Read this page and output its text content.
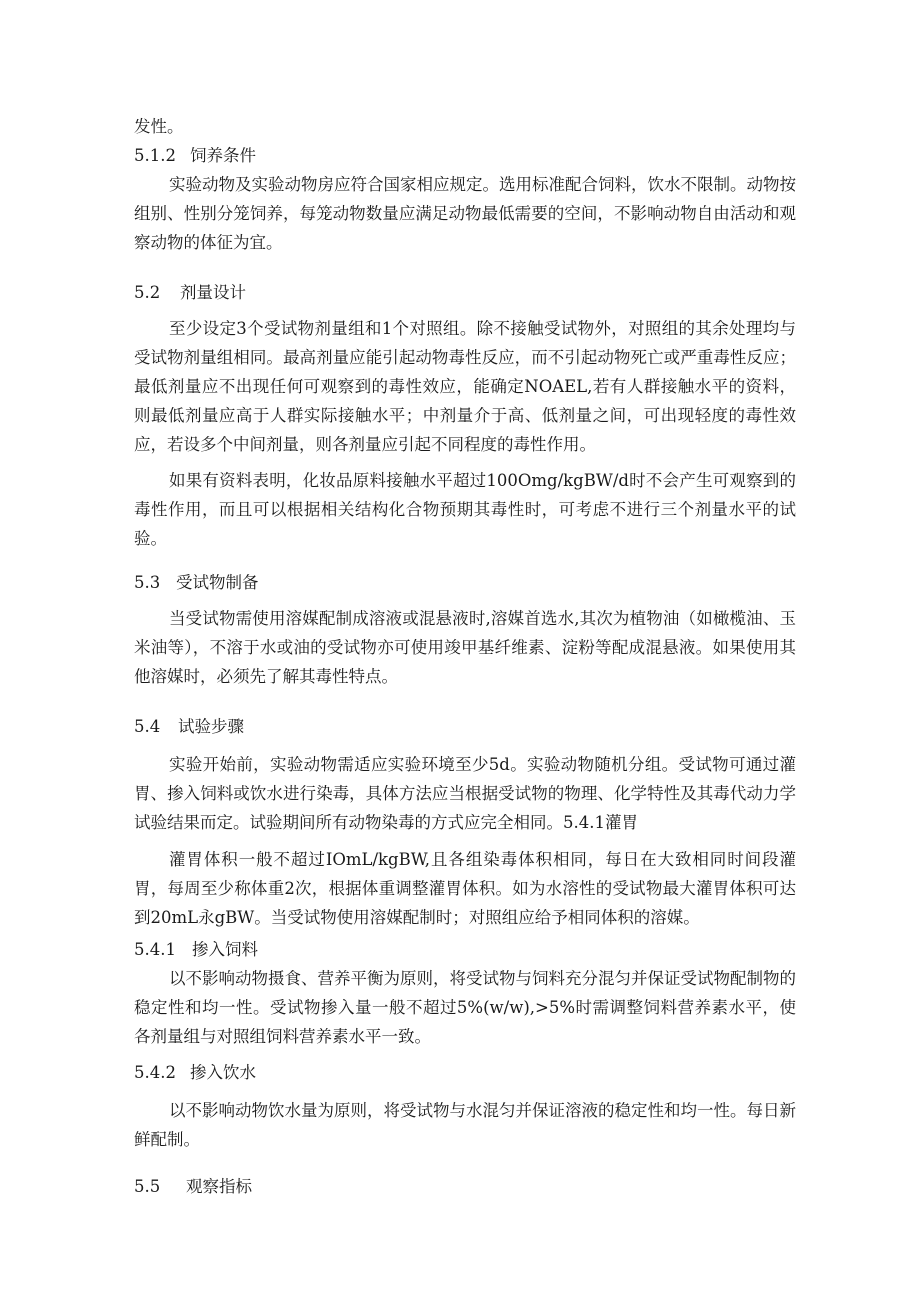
发性。

5.1.2 饲养条件

实验动物及实验动物房应符合国家相应规定。选用标准配合饲料，饮水不限制。动物按组别、性别分笼饲养，每笼动物数量应满足动物最低需要的空间，不影响动物自由活动和观察动物的体征为宜。

5.2 剂量设计

至少设定3个受试物剂量组和1个对照组。除不接触受试物外，对照组的其余处理均与受试物剂量组相同。最高剂量应能引起动物毒性反应，而不引起动物死亡或严重毒性反应；最低剂量应不出现任何可观察到的毒性效应，能确定NOAEL,若有人群接触水平的资料，则最低剂量应高于人群实际接触水平；中剂量介于高、低剂量之间，可出现轻度的毒性效应，若设多个中间剂量，则各剂量应引起不同程度的毒性作用。

如果有资料表明，化妆品原料接触水平超过100Omg/kgBW/d时不会产生可观察到的毒性作用，而且可以根据相关结构化合物预期其毒性时，可考虑不进行三个剂量水平的试验。

5.3 受试物制备

当受试物需使用溶媒配制成溶液或混悬液时,溶媒首选水,其次为植物油（如橄榄油、玉米油等），不溶于水或油的受试物亦可使用竣甲基纤维素、淀粉等配成混悬液。如果使用其他溶媒时，必须先了解其毒性特点。

5.4 试验步骤

实验开始前，实验动物需适应实验环境至少5d。实验动物随机分组。受试物可通过灌胃、掺入饲料或饮水进行染毒，具体方法应当根据受试物的物理、化学特性及其毒代动力学试验结果而定。试验期间所有动物染毒的方式应完全相同。5.4.1灌胃

灌胃体积一般不超过IOmL/kgBW,且各组染毒体积相同，每日在大致相同时间段灌胃，每周至少称体重2次，根据体重调整灌胃体积。如为水溶性的受试物最大灌胃体积可达到20mL永gBW。当受试物使用溶媒配制时；对照组应给予相同体积的溶媒。

5.4.1 掺入饲料

以不影响动物摄食、营养平衡为原则，将受试物与饲料充分混匀并保证受试物配制物的稳定性和均一性。受试物掺入量一般不超过5%(w/w),>5%时需调整饲料营养素水平，使各剂量组与对照组饲料营养素水平一致。

5.4.2 掺入饮水

以不影响动物饮水量为原则，将受试物与水混匀并保证溶液的稳定性和均一性。每日新鲜配制。

5.5 观察指标
